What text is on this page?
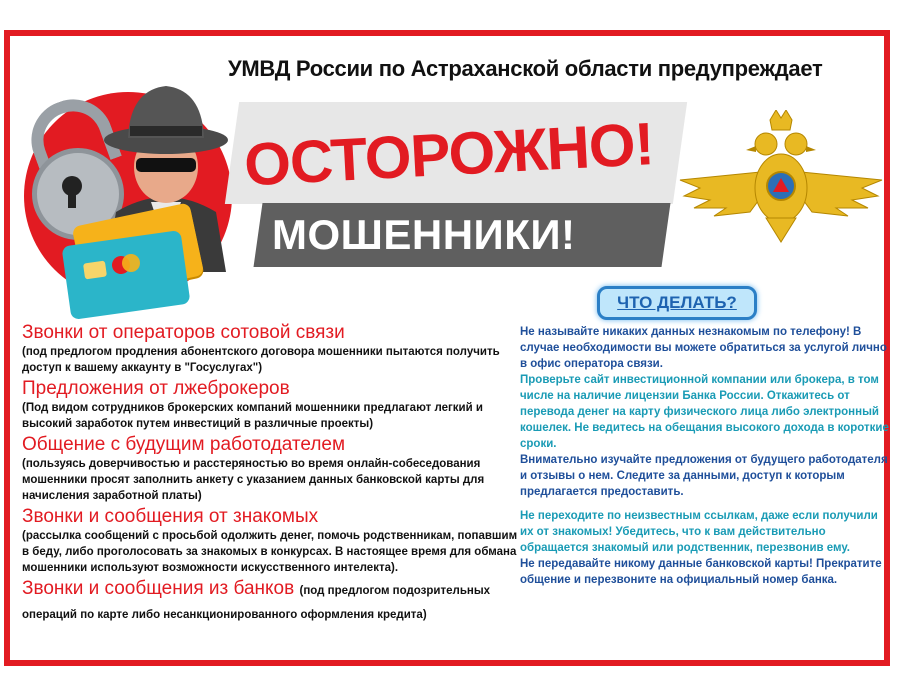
УМВД России по Астраханской области предупреждает
ОСТОРОЖНО!
МОШЕННИКИ!
ЧТО ДЕЛАТЬ?

Звонки от операторов сотовой связи

(под предлогом продления абонентского договора мошенники пытаются получить доступ к вашему аккаунту в "Госуслугах")

Предложения от лжеброкеров

(Под видом сотрудников брокерских компаний мошенники предлагают легкий и высокий заработок путем инвестиций в различные проекты)

Общение с будущим работодателем

(пользуясь доверчивостью и расстеряностью во время онлайн-собеседования мошенники просят заполнить анкету с указанием данных банковской карты для начисления заработной платы)

Звонки и сообщения от знакомых

(рассылка сообщений с просьбой одолжить денег, помочь родственникам, попавшим в беду, либо проголосовать за знакомых в конкурсах. В настоящее время для обмана мошенники используют возможности искусственного интелекта).

Звонки и сообщения из банков (под предлогом подозрительных операций по карте либо несанкционированного оформления кредита)

Не называйте никаких данных незнакомым по телефону! В случае необходимости вы можете обратиться за услугой лично в офис оператора связи.

Проверьте сайт инвестиционной компании или брокера, в том числе на наличие лицензии Банка России. Откажитесь от перевода денег на карту физического лица либо электронный кошелек. Не ведитесь на обещания высокого дохода в короткие сроки.

Внимательно изучайте предложения от будущего работодателя и отзывы о нем. Следите за данными, доступ к которым предлагается предоставить.

Не переходите по неизвестным ссылкам, даже если получили их от знакомых! Убедитесь, что к вам действительно обращается знакомый или родственник, перезвонив ему.

Не передавайте никому данные банковской карты! Прекратите общение и перезвоните на официальный номер банка.
